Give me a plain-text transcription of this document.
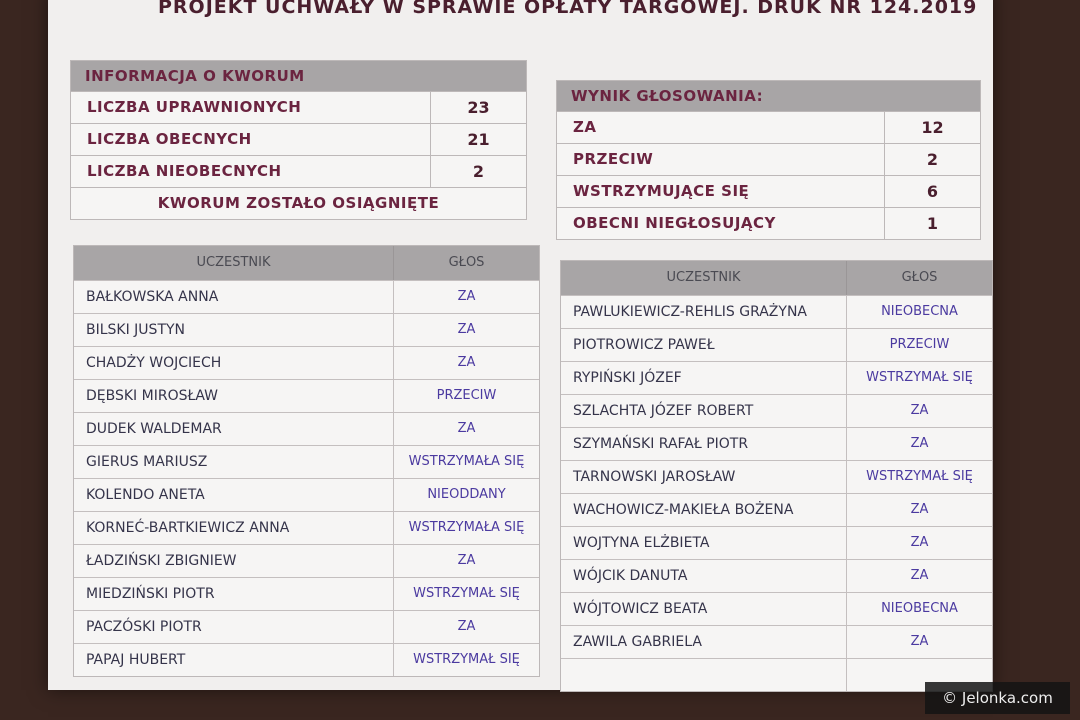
PROJEKT UCHWAŁY W SPRAWIE OPŁATY TARGOWEJ. DRUK NR 124.2019
INFORMACJA O KWORUM
LICZBA UPRAWNIONYCH	23
LICZBA OBECNYCH	21
LICZBA NIEOBECNYCH	2
KWORUM ZOSTAŁO OSIĄGNIĘTE
WYNIK GŁOSOWANIA:
ZA	12
PRZECIW	2
WSTRZYMUJĄCE SIĘ	6
OBECNI NIEGŁOSUJĄCY	1
UCZESTNIK	GŁOS
BAŁKOWSKA ANNA	ZA
BILSKI JUSTYN	ZA
CHADŻY WOJCIECH	ZA
DĘBSKI MIROSŁAW	PRZECIW
DUDEK WALDEMAR	ZA
GIERUS MARIUSZ	WSTRZYMAŁA SIĘ
KOLENDO ANETA	NIEODDANY
KORNEĆ-BARTKIEWICZ ANNA	WSTRZYMAŁA SIĘ
ŁADZIŃSKI ZBIGNIEW	ZA
MIEDZIŃSKI PIOTR	WSTRZYMAŁ SIĘ
PACZÓSKI PIOTR	ZA
PAPAJ HUBERT	WSTRZYMAŁ SIĘ
UCZESTNIK	GŁOS
PAWLUKIEWICZ-REHLIS GRAŻYNA	NIEOBECNA
PIOTROWICZ PAWEŁ	PRZECIW
RYPIŃSKI JÓZEF	WSTRZYMAŁ SIĘ
SZLACHTA JÓZEF ROBERT	ZA
SZYMAŃSKI RAFAŁ PIOTR	ZA
TARNOWSKI JAROSŁAW	WSTRZYMAŁ SIĘ
WACHOWICZ-MAKIEŁA BOŻENA	ZA
WOJTYNA ELŻBIETA	ZA
WÓJCIK DANUTA	ZA
WÓJTOWICZ BEATA	NIEOBECNA
ZAWILA GABRIELA	ZA
© Jelonka.com
